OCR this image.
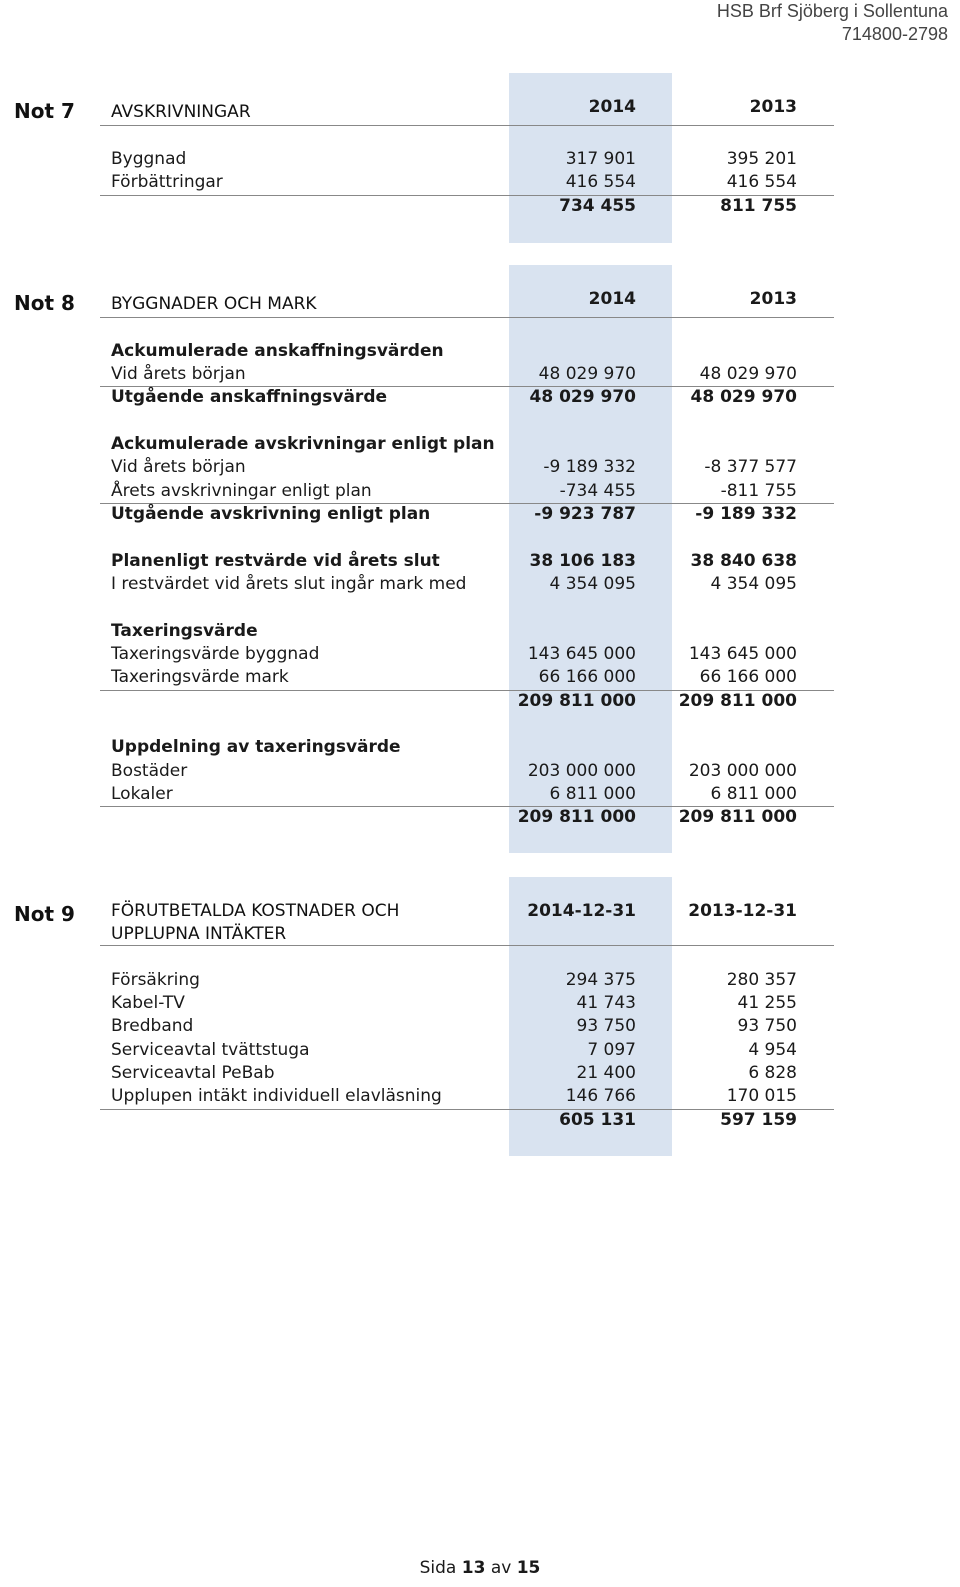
HSB Brf Sjöberg i Sollentuna
714800-2798
Not 7 AVSKRIVNINGAR	2014	2013
Byggnad	317 901	395 201
Förbättringar	416 554	416 554
734 455	811 755
Not 8 BYGGNADER OCH MARK	2014	2013
Ackumulerade anskaffningsvärden
Vid årets början	48 029 970	48 029 970
Utgående anskaffningsvärde	48 029 970	48 029 970
Ackumulerade avskrivningar enligt plan
Vid årets början	-9 189 332	-8 377 577
Årets avskrivningar enligt plan	-734 455	-811 755
Utgående avskrivning enligt plan	-9 923 787	-9 189 332
Planenligt restvärde vid årets slut	38 106 183	38 840 638
I restvärdet vid årets slut ingår mark med	4 354 095	4 354 095
Taxeringsvärde
Taxeringsvärde byggnad	143 645 000	143 645 000
Taxeringsvärde mark	66 166 000	66 166 000
209 811 000	209 811 000
Uppdelning av taxeringsvärde
Bostäder	203 000 000	203 000 000
Lokaler	6 811 000	6 811 000
209 811 000	209 811 000
Not 9 FÖRUTBETALDA KOSTNADER OCH
UPPLUPNA INTÄKTER
2014-12-31	2013-12-31
Försäkring	294 375	280 357
Kabel-TV	41 743	41 255
Bredband	93 750	93 750
Serviceavtal tvättstuga	7 097	4 954
Serviceavtal PeBab	21 400	6 828
Upplupen intäkt individuell elavläsning	146 766	170 015
605 131	597 159
Sida 13 av 15
